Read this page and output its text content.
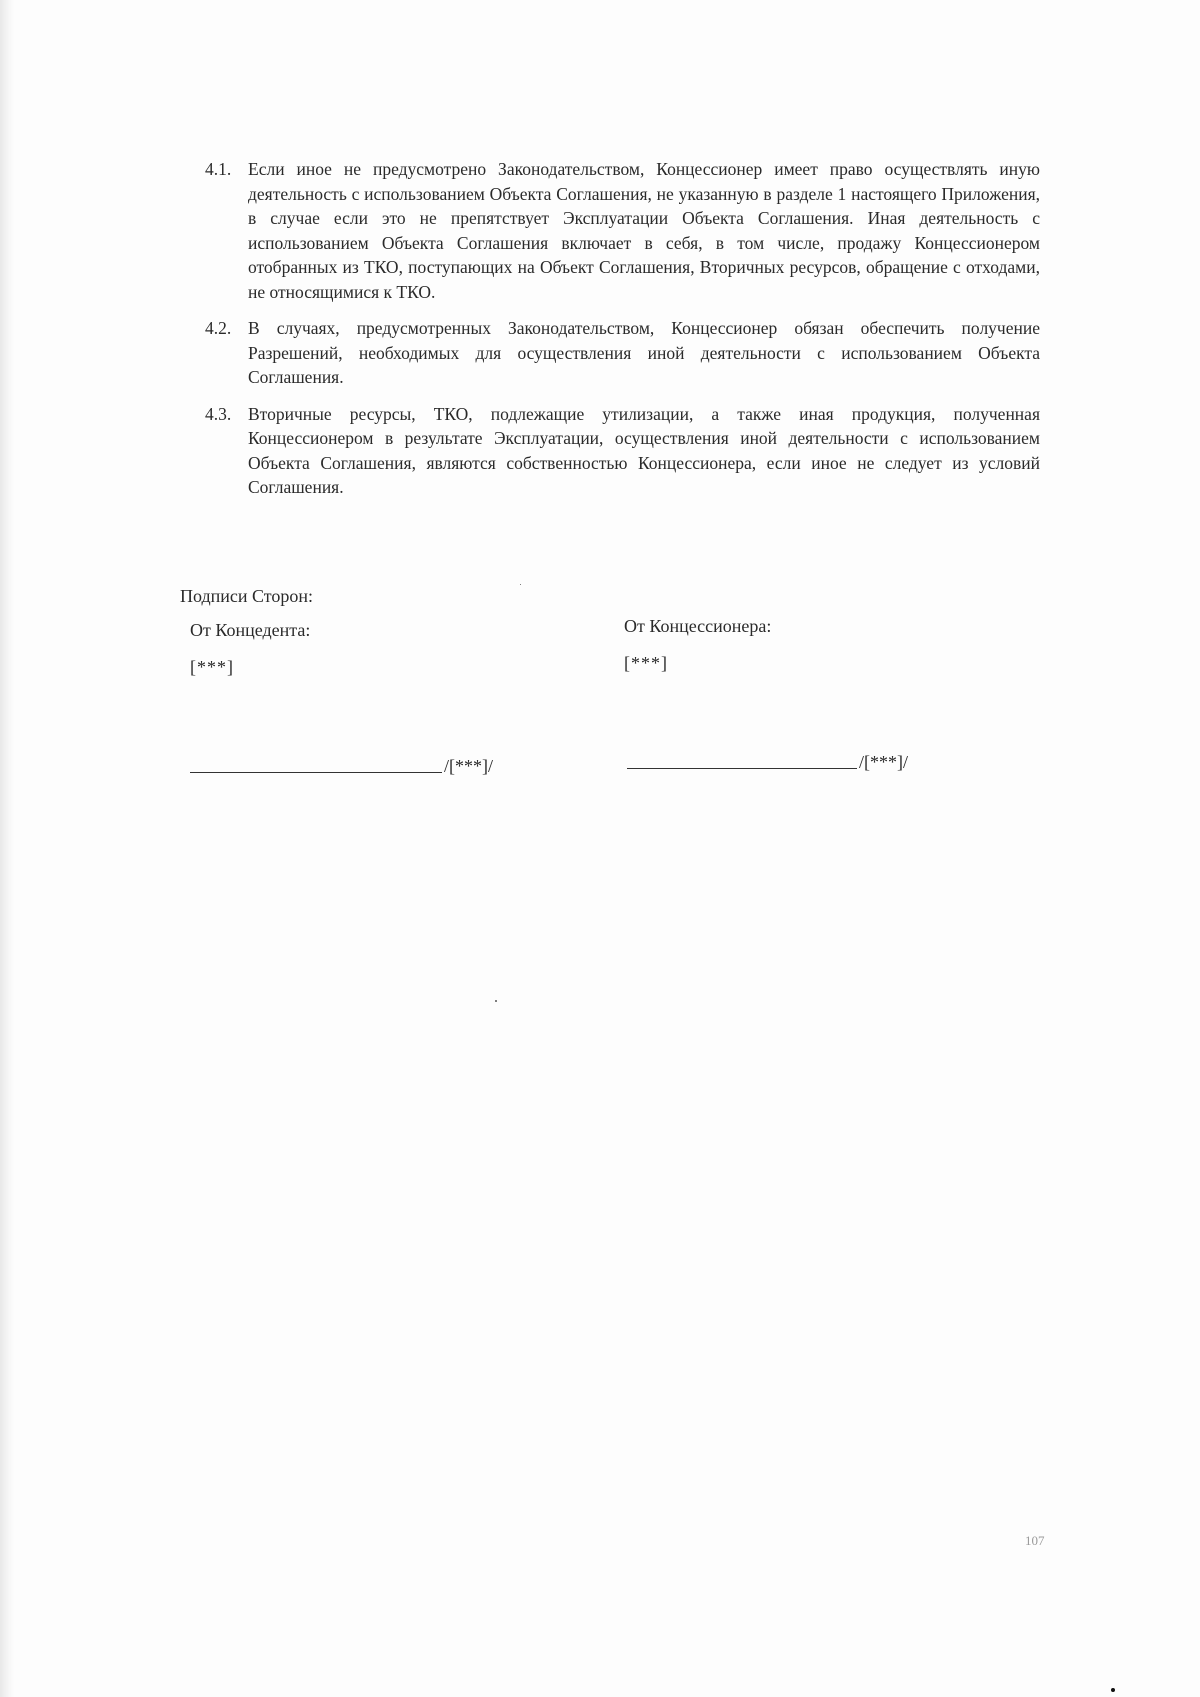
4.1. Если иное не предусмотрено Законодательством, Концессионер имеет право осуществлять иную деятельность с использованием Объекта Соглашения, не указанную в разделе 1 настоящего Приложения, в случае если это не препятствует Эксплуатации Объекта Соглашения. Иная деятельность с использованием Объекта Соглашения включает в себя, в том числе, продажу Концессионером отобранных из ТКО, поступающих на Объект Соглашения, Вторичных ресурсов, обращение с отходами, не относящимися к ТКО.
4.2. В случаях, предусмотренных Законодательством, Концессионер обязан обеспечить получение Разрешений, необходимых для осуществления иной деятельности с использованием Объекта Соглашения.
4.3. Вторичные ресурсы, ТКО, подлежащие утилизации, а также иная продукция, полученная Концессионером в результате Эксплуатации, осуществления иной деятельности с использованием Объекта Соглашения, являются собственностью Концессионера, если иное не следует из условий Соглашения.
Подписи Сторон:
От Концедента:
[***]
От Концессионера:
[***]
/[***]/	/[***]/
107
